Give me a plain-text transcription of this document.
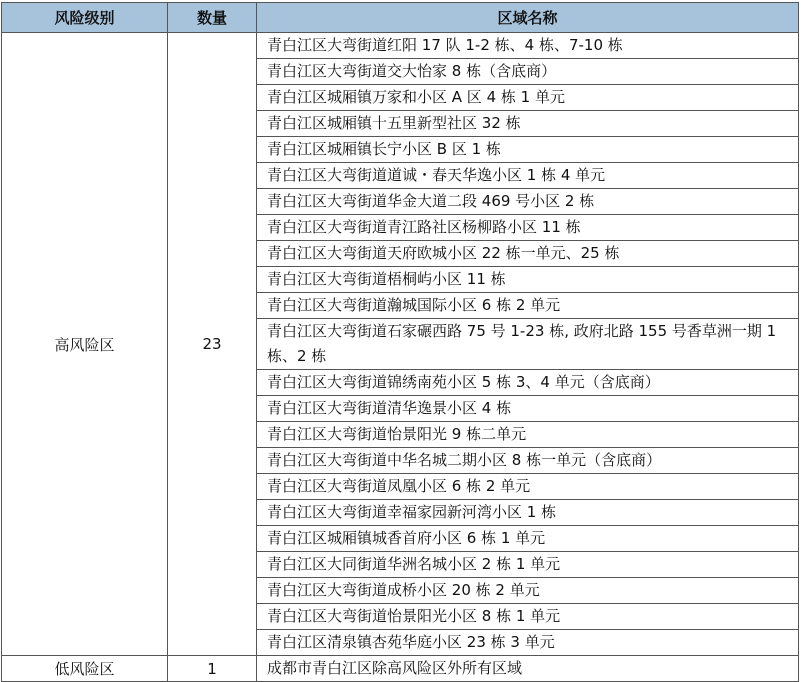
风险级别	数量	区域名称
高风险区	23	青白江区大弯街道红阳 17 队 1-2 栋、4 栋、7-10 栋
		青白江区大弯街道交大怡家 8 栋（含底商）
		青白江区城厢镇万家和小区 A 区 4 栋 1 单元
		青白江区城厢镇十五里新型社区 32 栋
		青白江区城厢镇长宁小区 B 区 1 栋
		青白江区大弯街道道诚・春天华逸小区 1 栋 4 单元
		青白江区大弯街道华金大道二段 469 号小区 2 栋
		青白江区大弯街道青江路社区杨柳路小区 11 栋
		青白江区大弯街道天府欧城小区 22 栋一单元、25 栋
		青白江区大弯街道梧桐屿小区 11 栋
		青白江区大弯街道瀚城国际小区 6 栋 2 单元
		青白江区大弯街道石家碾西路 75 号 1-23 栋, 政府北路 155 号香草洲一期 1 栋、2 栋
		青白江区大弯街道锦绣南苑小区 5 栋 3、4 单元（含底商）
		青白江区大弯街道清华逸景小区 4 栋
		青白江区大弯街道怡景阳光 9 栋二单元
		青白江区大弯街道中华名城二期小区 8 栋一单元（含底商）
		青白江区大弯街道凤凰小区 6 栋 2 单元
		青白江区大弯街道幸福家园新河湾小区 1 栋
		青白江区城厢镇城香首府小区 6 栋 1 单元
		青白江区大同街道华洲名城小区 2 栋 1 单元
		青白江区大弯街道成桥小区 20 栋 2 单元
		青白江区大弯街道怡景阳光小区 8 栋 1 单元
		青白江区清泉镇杏苑华庭小区 23 栋 3 单元
低风险区	1	成都市青白江区除高风险区外所有区域
